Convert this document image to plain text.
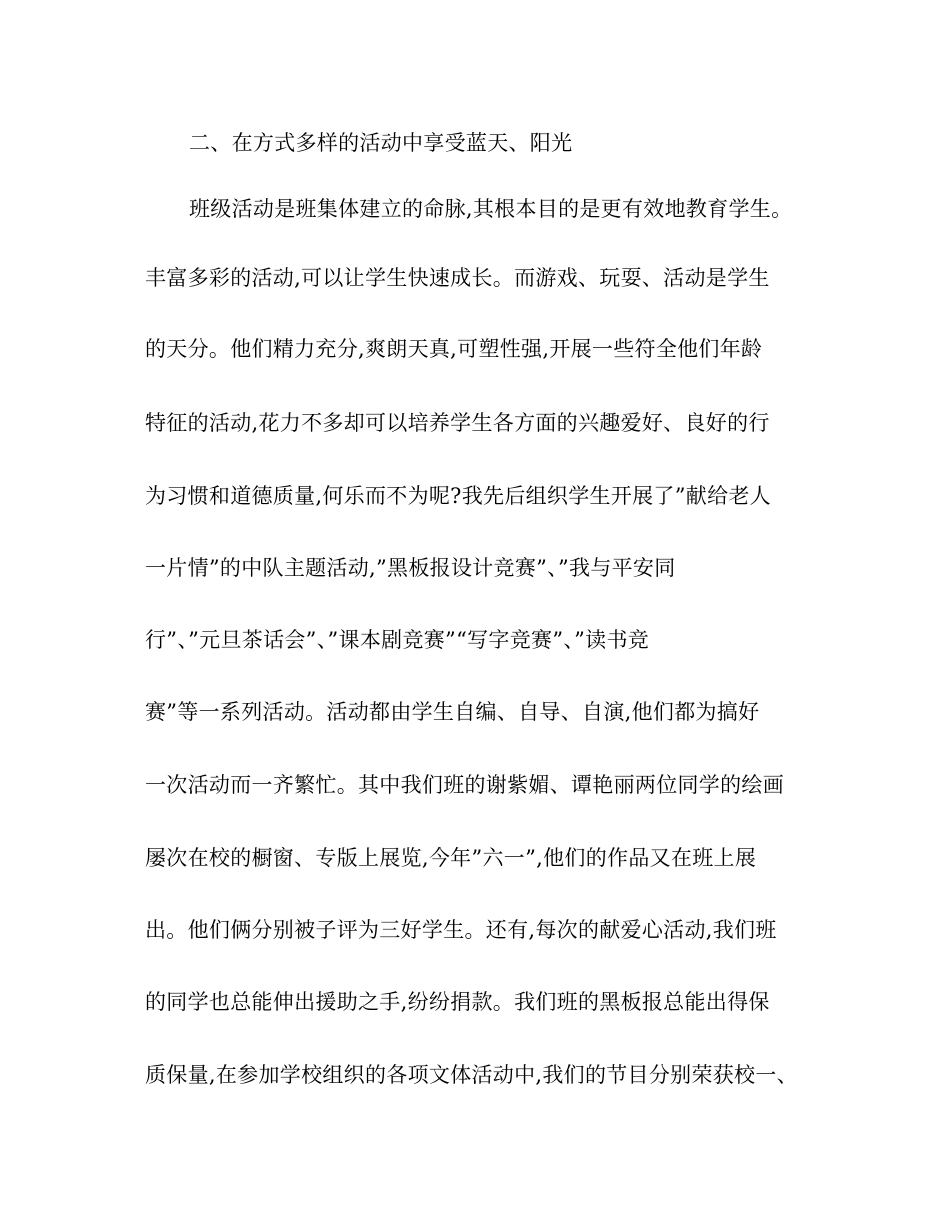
二、在方式多样的活动中享受蓝天、阳光
班级活动是班集体建立的命脉,其根本目的是更有效地教育学生。
丰富多彩的活动,可以让学生快速成长。而游戏、玩耍、活动是学生
的天分。他们精力充分,爽朗天真,可塑性强,开展一些符全他们年龄
特征的活动,花力不多却可以培养学生各方面的兴趣爱好、良好的行
为习惯和道德质量,何乐而不为呢?我先后组织学生开展了”献给老人
一片情”的中队主题活动,”黑板报设计竞赛”、”我与平安同
行”、”元旦茶话会”、”课本剧竞赛”“写字竞赛”、”读书竞
赛”等一系列活动。活动都由学生自编、自导、自演,他们都为搞好
一次活动而一齐繁忙。其中我们班的谢紫媚、谭艳丽两位同学的绘画
屡次在校的橱窗、专版上展览,今年”六一”,他们的作品又在班上展
出。他们俩分别被子评为三好学生。还有,每次的献爱心活动,我们班
的同学也总能伸出援助之手,纷纷捐款。我们班的黑板报总能出得保
质保量,在参加学校组织的各项文体活动中,我们的节目分别荣获校一、
